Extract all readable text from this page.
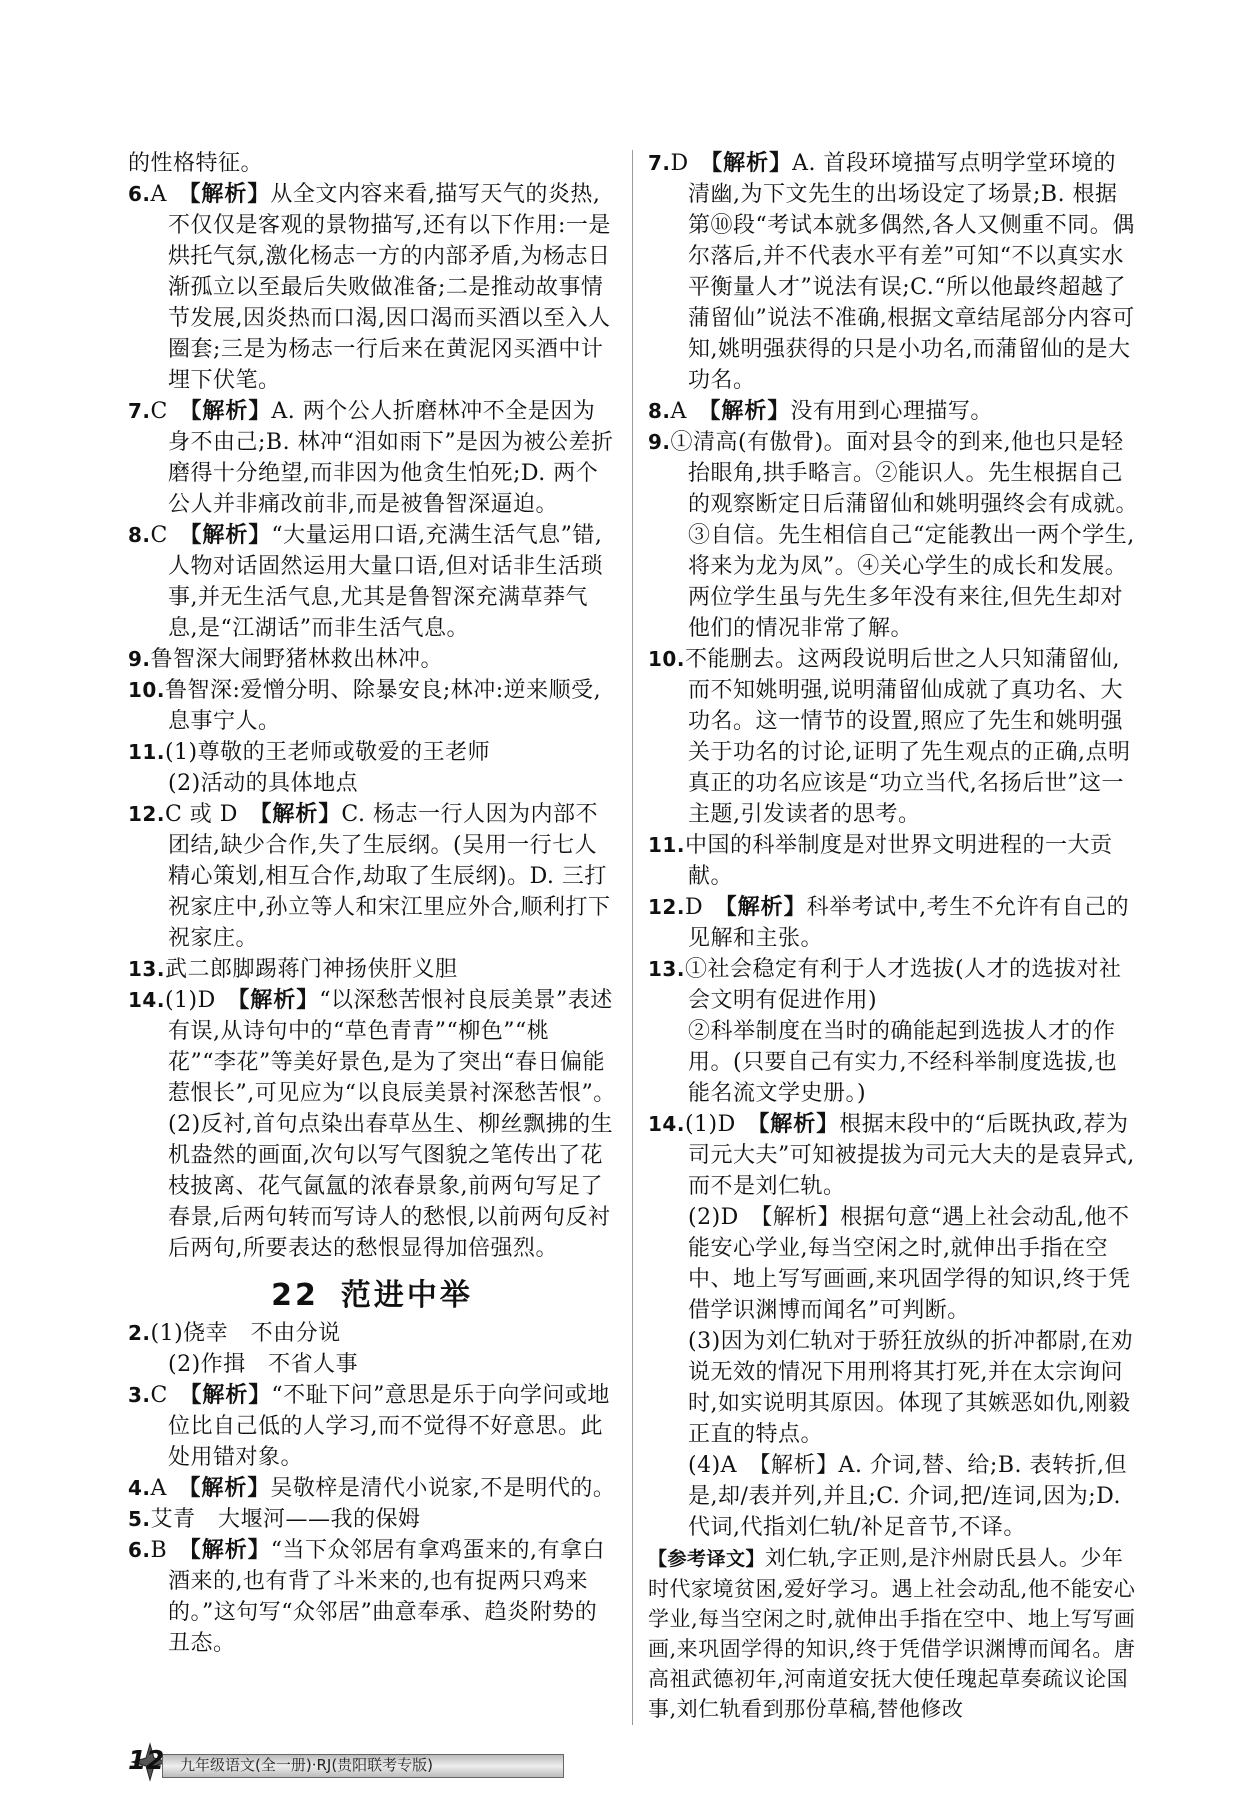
的性格特征。

6.A  【解析】从全文内容来看,描写天气的炎热,不仅仅是客观的景物描写,还有以下作用:一是烘托气氛,激化杨志一方的内部矛盾,为杨志日渐孤立以至最后失败做准备;二是推动故事情节发展,因炎热而口渴,因口渴而买酒以至入人圈套;三是为杨志一行后来在黄泥冈买酒中计埋下伏笔。

7.C  【解析】A. 两个公人折磨林冲不全是因为身不由己;B. 林冲“泪如雨下”是因为被公差折磨得十分绝望,而非因为他贪生怕死;D. 两个公人并非痛改前非,而是被鲁智深逼迫。

8.C  【解析】“大量运用口语,充满生活气息”错,人物对话固然运用大量口语,但对话非生活琐事,并无生活气息,尤其是鲁智深充满草莽气息,是“江湖话”而非生活气息。

9.鲁智深大闹野猪林救出林冲。

10.鲁智深:爱憎分明、除暴安良;林冲:逆来顺受,息事宁人。

11.(1)尊敬的王老师或敬爱的王老师

(2)活动的具体地点

12.C 或 D  【解析】C. 杨志一行人因为内部不团结,缺少合作,失了生辰纲。(吴用一行七人精心策划,相互合作,劫取了生辰纲)。D. 三打祝家庄中,孙立等人和宋江里应外合,顺利打下祝家庄。

13.武二郎脚踢蒋门神扬侠肝义胆

14.(1)D  【解析】“以深愁苦恨衬良辰美景”表述有误,从诗句中的“草色青青”“柳色”“桃花”“李花”等美好景色,是为了突出“春日偏能惹恨长”,可见应为“以良辰美景衬深愁苦恨”。

(2)反衬,首句点染出春草丛生、柳丝飘拂的生机盎然的画面,次句以写气图貌之笔传出了花枝披离、花气氤氲的浓春景象,前两句写足了春景,后两句转而写诗人的愁恨,以前两句反衬后两句,所要表达的愁恨显得加倍强烈。

22 范进中举

2.(1)侥幸　不由分说

(2)作揖　不省人事

3.C  【解析】“不耻下问”意思是乐于向学问或地位比自己低的人学习,而不觉得不好意思。此处用错对象。

4.A  【解析】吴敬梓是清代小说家,不是明代的。

5.艾青　大堰河——我的保姆

6.B  【解析】“当下众邻居有拿鸡蛋来的,有拿白酒来的,也有背了斗米来的,也有捉两只鸡来的。”这句写“众邻居”曲意奉承、趋炎附势的丑态。

7.D  【解析】A. 首段环境描写点明学堂环境的清幽,为下文先生的出场设定了场景;B. 根据第⑩段“考试本就多偶然,各人又侧重不同。偶尔落后,并不代表水平有差”可知“不以真实水平衡量人才”说法有误;C.“所以他最终超越了蒲留仙”说法不准确,根据文章结尾部分内容可知,姚明强获得的只是小功名,而蒲留仙的是大功名。

8.A  【解析】没有用到心理描写。

9.①清高(有傲骨)。面对县令的到来,他也只是轻抬眼角,拱手略言。②能识人。先生根据自己的观察断定日后蒲留仙和姚明强终会有成就。③自信。先生相信自己“定能教出一两个学生,将来为龙为凤”。④关心学生的成长和发展。两位学生虽与先生多年没有来往,但先生却对他们的情况非常了解。

10.不能删去。这两段说明后世之人只知蒲留仙,而不知姚明强,说明蒲留仙成就了真功名、大功名。这一情节的设置,照应了先生和姚明强关于功名的讨论,证明了先生观点的正确,点明真正的功名应该是“功立当代,名扬后世”这一主题,引发读者的思考。

11.中国的科举制度是对世界文明进程的一大贡献。

12.D  【解析】科举考试中,考生不允许有自己的见解和主张。

13.①社会稳定有利于人才选拔(人才的选拔对社会文明有促进作用)

②科举制度在当时的确能起到选拔人才的作用。(只要自己有实力,不经科举制度选拔,也能名流文学史册。)

14.(1)D  【解析】根据末段中的“后既执政,荐为司元大夫”可知被提拔为司元大夫的是袁异式,而不是刘仁轨。

(2)D　【解析】根据句意“遇上社会动乱,他不能安心学业,每当空闲之时,就伸出手指在空中、地上写写画画,来巩固学得的知识,终于凭借学识渊博而闻名”可判断。

(3)因为刘仁轨对于骄狂放纵的折冲都尉,在劝说无效的情况下用刑将其打死,并在太宗询问时,如实说明其原因。体现了其嫉恶如仇,刚毅正直的特点。

(4)A　【解析】A. 介词,替、给;B. 表转折,但是,却/表并列,并且;C. 介词,把/连词,因为;D. 代词,代指刘仁轨/补足音节,不译。

【参考译文】刘仁轨,字正则,是汴州尉氏县人。少年时代家境贫困,爱好学习。遇上社会动乱,他不能安心学业,每当空闲之时,就伸出手指在空中、地上写写画画,来巩固学得的知识,终于凭借学识渊博而闻名。唐高祖武德初年,河南道安抚大使任瑰起草奏疏议论国事,刘仁轨看到那份草稿,替他修改

12 九年级语文(全一册)·RJ(贵阳联考专版)
